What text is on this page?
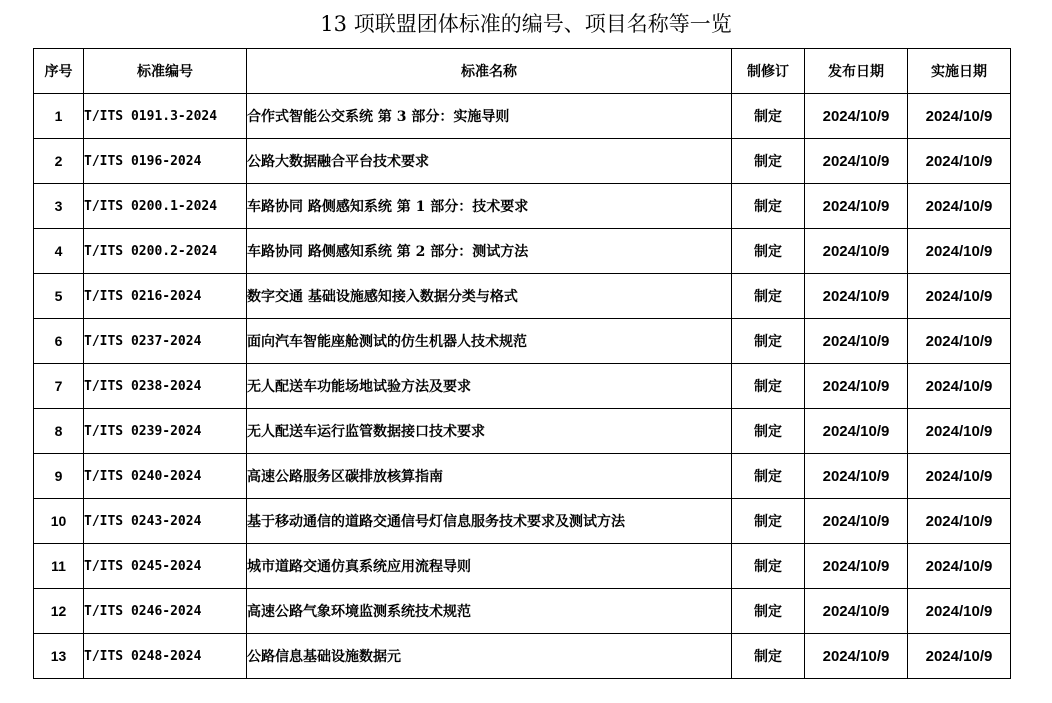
13 项联盟团体标准的编号、项目名称等一览
序号	标准编号	标准名称	制修订	发布日期	实施日期
1	T/ITS 0191.3-2024	合作式智能公交系统 第 3 部分：实施导则	制定	2024/10/9	2024/10/9
2	T/ITS 0196-2024	公路大数据融合平台技术要求	制定	2024/10/9	2024/10/9
3	T/ITS 0200.1-2024	车路协同 路侧感知系统 第 1 部分：技术要求	制定	2024/10/9	2024/10/9
4	T/ITS 0200.2-2024	车路协同 路侧感知系统 第 2 部分：测试方法	制定	2024/10/9	2024/10/9
5	T/ITS 0216-2024	数字交通 基础设施感知接入数据分类与格式	制定	2024/10/9	2024/10/9
6	T/ITS 0237-2024	面向汽车智能座舱测试的仿生机器人技术规范	制定	2024/10/9	2024/10/9
7	T/ITS 0238-2024	无人配送车功能场地试验方法及要求	制定	2024/10/9	2024/10/9
8	T/ITS 0239-2024	无人配送车运行监管数据接口技术要求	制定	2024/10/9	2024/10/9
9	T/ITS 0240-2024	高速公路服务区碳排放核算指南	制定	2024/10/9	2024/10/9
10	T/ITS 0243-2024	基于移动通信的道路交通信号灯信息服务技术要求及测试方法	制定	2024/10/9	2024/10/9
11	T/ITS 0245-2024	城市道路交通仿真系统应用流程导则	制定	2024/10/9	2024/10/9
12	T/ITS 0246-2024	高速公路气象环境监测系统技术规范	制定	2024/10/9	2024/10/9
13	T/ITS 0248-2024	公路信息基础设施数据元	制定	2024/10/9	2024/10/9
